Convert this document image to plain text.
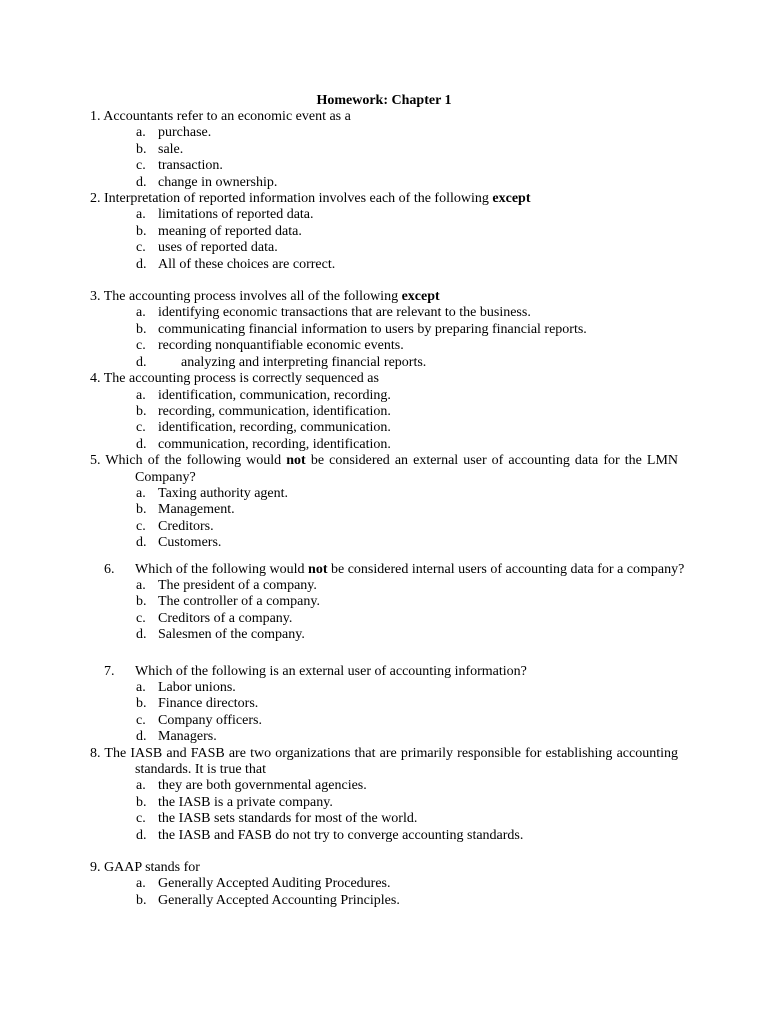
Homework: Chapter 1
1. Accountants refer to an economic event as a
a. purchase.
b. sale.
c. transaction.
d. change in ownership.
2. Interpretation of reported information involves each of the following except
a. limitations of reported data.
b. meaning of reported data.
c. uses of reported data.
d. All of these choices are correct.
3. The accounting process involves all of the following except
a. identifying economic transactions that are relevant to the business.
b. communicating financial information to users by preparing financial reports.
c. recording nonquantifiable economic events.
d. analyzing and interpreting financial reports.
4. The accounting process is correctly sequenced as
a. identification, communication, recording.
b. recording, communication, identification.
c. identification, recording, communication.
d. communication, recording, identification.
5. Which of the following would not be considered an external user of accounting data for the LMN Company?
a. Taxing authority agent.
b. Management.
c. Creditors.
d. Customers.
6. Which of the following would not be considered internal users of accounting data for a company?
a. The president of a company.
b. The controller of a company.
c. Creditors of a company.
d. Salesmen of the company.
7. Which of the following is an external user of accounting information?
a. Labor unions.
b. Finance directors.
c. Company officers.
d. Managers.
8. The IASB and FASB are two organizations that are primarily responsible for establishing accounting standards. It is true that
a. they are both governmental agencies.
b. the IASB is a private company.
c. the IASB sets standards for most of the world.
d. the IASB and FASB do not try to converge accounting standards.
9. GAAP stands for
a. Generally Accepted Auditing Procedures.
b. Generally Accepted Accounting Principles.
